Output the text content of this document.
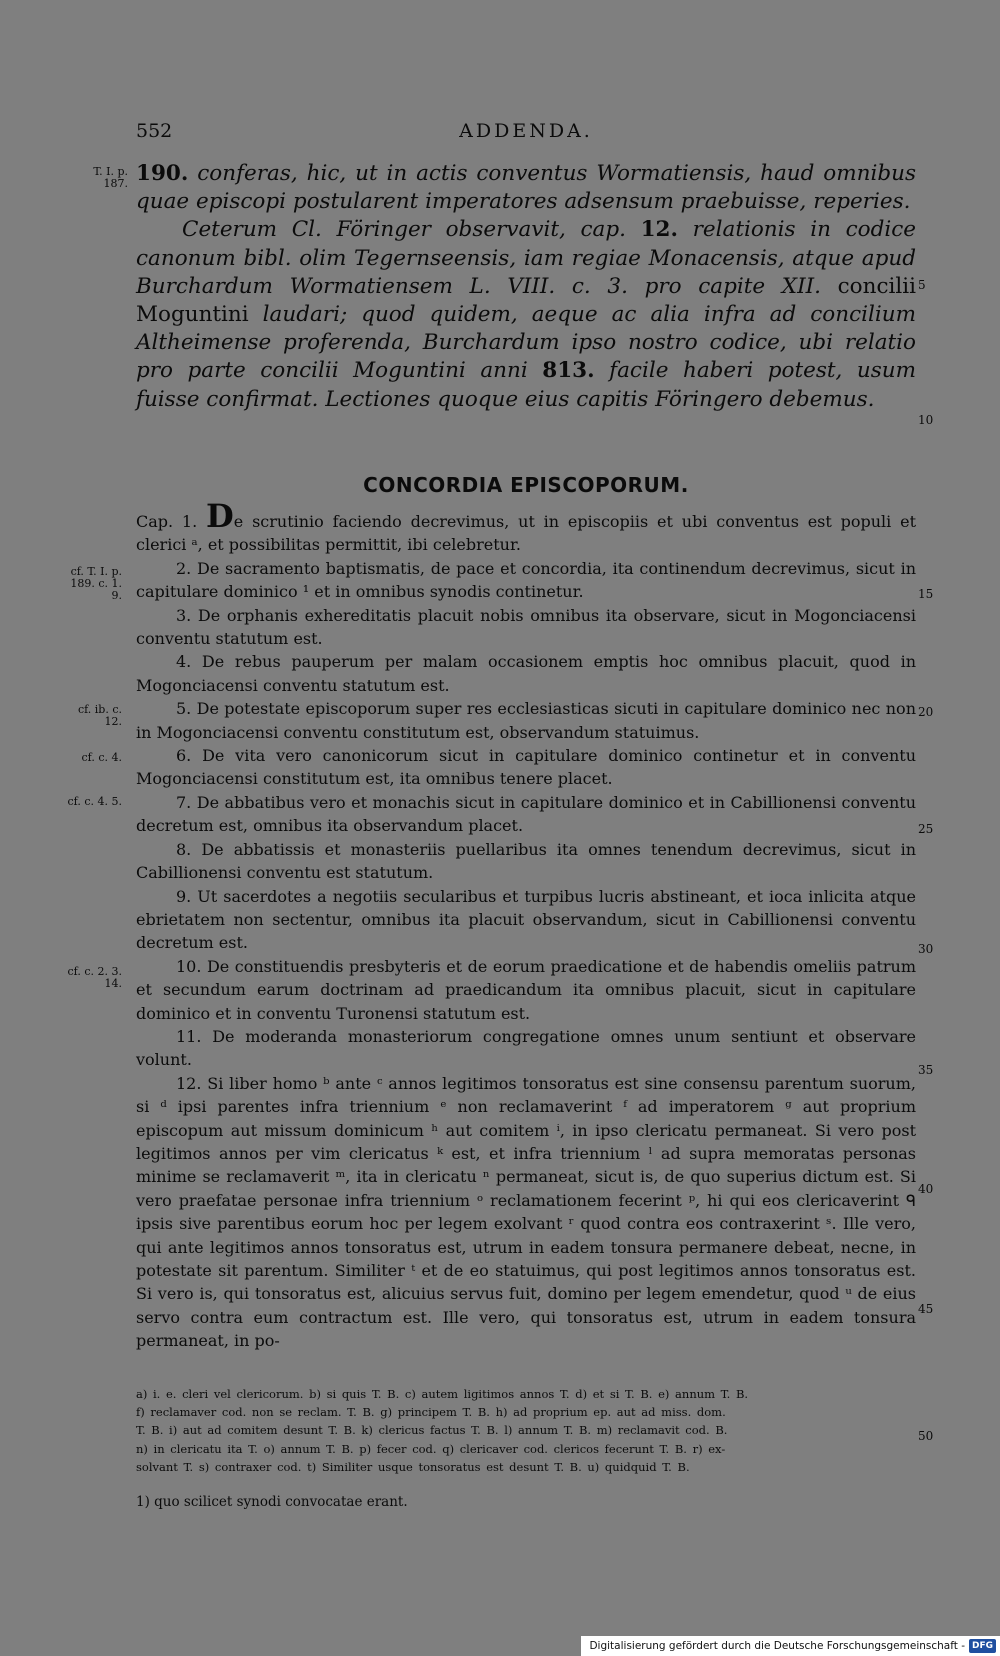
552	ADDENDA.
T. I. p. 187.
cf. T. I. p. 189. c. 1. 9.
cf. ib. c. 12.
cf. c. 4.
cf. c. 4. 5.
cf. c. 2. 3. 14.
5
10
15
20
25
30
35
40
45
50

190. conferas, hic, ut in actis conventus Wormatiensis, haud omnibus quae episcopi postularent imperatores adsensum praebuisse, reperies.

Ceterum Cl. Föringer observavit, cap. 12. relationis in codice canonum bibl. olim Tegernseensis, iam regiae Monacensis, atque apud Burchardum Wormatiensem L. VIII. c. 3. pro capite XII. concilii Moguntini laudari; quod quidem, aeque ac alia infra ad concilium Altheimense proferenda, Burchardum ipso nostro codice, ubi relatio pro parte concilii Moguntini anni 813. facile haberi potest, usum fuisse confirmat. Lectiones quoque eius capitis Föringero debemus.

CONCORDIA EPISCOPORUM.

Cap. 1. De scrutinio faciendo decrevimus, ut in episcopiis et ubi conventus est populi et clerici ᵃ, et possibilitas permittit, ibi celebretur.

2. De sacramento baptismatis, de pace et concordia, ita continendum decrevimus, sicut in capitulare dominico ¹ et in omnibus synodis continetur.

3. De orphanis exhereditatis placuit nobis omnibus ita observare, sicut in Mogonciacensi conventu statutum est.

4. De rebus pauperum per malam occasionem emptis hoc omnibus placuit, quod in Mogonciacensi conventu statutum est.

5. De potestate episcoporum super res ecclesiasticas sicuti in capitulare dominico nec non in Mogonciacensi conventu constitutum est, observandum statuimus.

6. De vita vero canonicorum sicut in capitulare dominico continetur et in conventu Mogonciacensi constitutum est, ita omnibus tenere placet.

7. De abbatibus vero et monachis sicut in capitulare dominico et in Cabillionensi conventu decretum est, omnibus ita observandum placet.

8. De abbatissis et monasteriis puellaribus ita omnes tenendum decrevimus, sicut in Cabillionensi conventu est statutum.

9. Ut sacerdotes a negotiis secularibus et turpibus lucris abstineant, et ioca inlicita atque ebrietatem non sectentur, omnibus ita placuit observandum, sicut in Cabillionensi conventu decretum est.

10. De constituendis presbyteris et de eorum praedicatione et de habendis omeliis patrum et secundum earum doctrinam ad praedicandum ita omnibus placuit, sicut in capitulare dominico et in conventu Turonensi statutum est.

11. De moderanda monasteriorum congregatione omnes unum sentiunt et observare volunt.

12. Si liber homo ᵇ ante ᶜ annos legitimos tonsoratus est sine consensu parentum suorum, si ᵈ ipsi parentes infra triennium ᵉ non reclamaverint ᶠ ad imperatorem ᵍ aut proprium episcopum aut missum dominicum ʰ aut comitem ⁱ, in ipso clericatu permaneat. Si vero post legitimos annos per vim clericatus ᵏ est, et infra triennium ˡ ad supra memoratas personas minime se reclamaverit ᵐ, ita in clericatu ⁿ permaneat, sicut is, de quo superius dictum est. Si vero praefatae personae infra triennium ᵒ reclamationem fecerint ᵖ, hi qui eos clericaverint ᑫ ipsis sive parentibus eorum hoc per legem exolvant ʳ quod contra eos contraxerint ˢ. Ille vero, qui ante legitimos annos tonsoratus est, utrum in eadem tonsura permanere debeat, necne, in potestate sit parentum. Similiter ᵗ et de eo statuimus, qui post legitimos annos tonsoratus est. Si vero is, qui tonsoratus est, alicuius servus fuit, domino per legem emendetur, quod ᵘ de eius servo contra eum contractum est. Ille vero, qui tonsoratus est, utrum in eadem tonsura permaneat, in po-

a) i. e. cleri vel clericorum. b) si quis T. B. c) autem ligitimos annos T. d) et si T. B. e) annum T. B.
f) reclamaver cod. non se reclam. T. B. g) principem T. B. h) ad proprium ep. aut ad miss. dom.
T. B. i) aut ad comitem desunt T. B. k) clericus factus T. B. l) annum T. B. m) reclamavit cod. B.
n) in clericatu ita T. o) annum T. B. p) fecer cod. q) clericaver cod. clericos fecerunt T. B. r) ex-
solvant T. s) contraxer cod. t) Similiter usque tonsoratus est desunt T. B. u) quidquid T. B.
1) quo scilicet synodi convocatae erant.
Digitalisierung gefördert durch die Deutsche Forschungsgemeinschaft - DFG
